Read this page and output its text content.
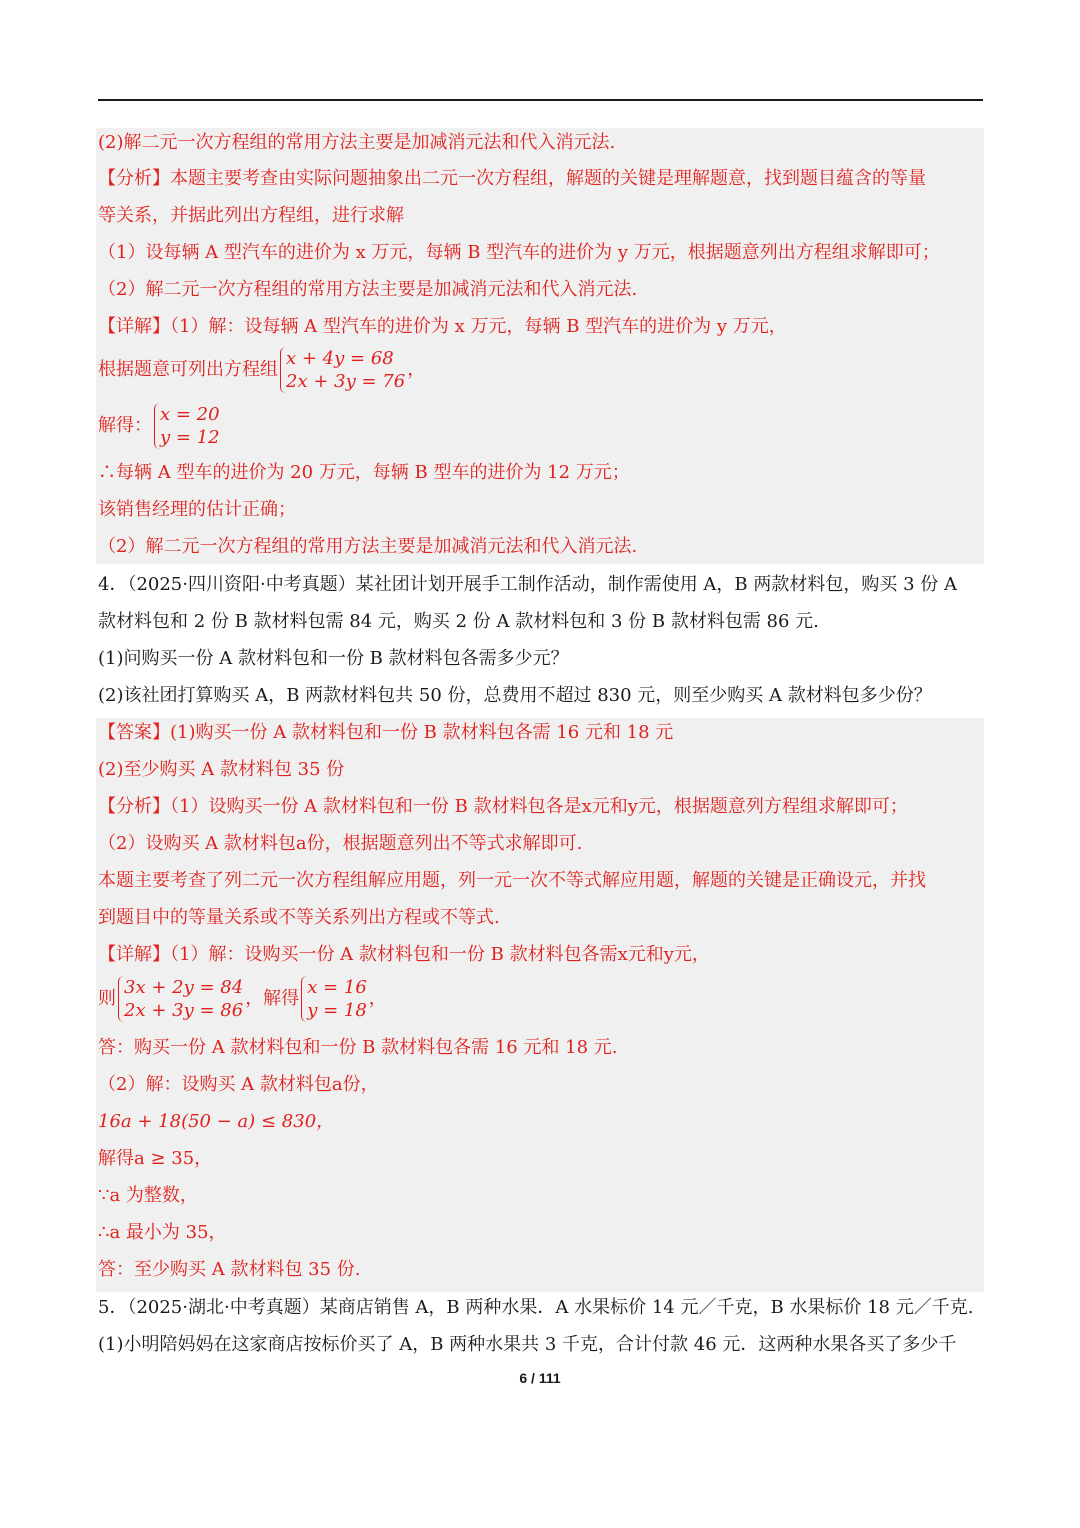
(2)解二元一次方程组的常用方法主要是加减消元法和代入消元法.
【分析】本题主要考查由实际问题抽象出二元一次方程组，解题的关键是理解题意，找到题目蕴含的等量
等关系，并据此列出方程组，进行求解
（1）设每辆 A 型汽车的进价为 x 万元，每辆 B 型汽车的进价为 y 万元，根据题意列出方程组求解即可；
（2）解二元一次方程组的常用方法主要是加减消元法和代入消元法.
【详解】（1）解：设每辆 A 型汽车的进价为 x 万元，每辆 B 型汽车的进价为 y 万元，
根据题意可列出方程组
x + 4y = 68
2x + 3y = 76
，
解得：
x = 20
y = 12
∴每辆 A 型车的进价为 20 万元，每辆 B 型车的进价为 12 万元；
该销售经理的估计正确；
（2）解二元一次方程组的常用方法主要是加减消元法和代入消元法.
4．（2025·四川资阳·中考真题）某社团计划开展手工制作活动，制作需使用 A，B 两款材料包，购买 3 份 A
款材料包和 2 份 B 款材料包需 84 元，购买 2 份 A 款材料包和 3 份 B 款材料包需 86 元.
(1)问购买一份 A 款材料包和一份 B 款材料包各需多少元？
(2)该社团打算购买 A，B 两款材料包共 50 份，总费用不超过 830 元，则至少购买 A 款材料包多少份？
【答案】(1)购买一份 A 款材料包和一份 B 款材料包各需 16 元和 18 元
(2)至少购买 A 款材料包 35 份
【分析】（1）设购买一份 A 款材料包和一份 B 款材料包各是x元和y元，根据题意列方程组求解即可；
（2）设购买 A 款材料包a份，根据题意列出不等式求解即可.
本题主要考查了列二元一次方程组解应用题，列一元一次不等式解应用题，解题的关键是正确设元，并找
到题目中的等量关系或不等关系列出方程或不等式.
【详解】（1）解：设购买一份 A 款材料包和一份 B 款材料包各需x元和y元，
则
3x + 2y = 84
2x + 3y = 86
，解得
x = 16
y = 18
，
答：购买一份 A 款材料包和一份 B 款材料包各需 16 元和 18 元.
（2）解：设购买 A 款材料包a份，
16a + 18(50 − a) ≤ 830，
解得a ≥ 35，
∵a 为整数，
∴a 最小为 35，
答：至少购买 A 款材料包 35 份.
5．（2025·湖北·中考真题）某商店销售 A，B 两种水果．A 水果标价 14 元／千克，B 水果标价 18 元／千克.
(1)小明陪妈妈在这家商店按标价买了 A，B 两种水果共 3 千克，合计付款 46 元．这两种水果各买了多少千
6 / 111
